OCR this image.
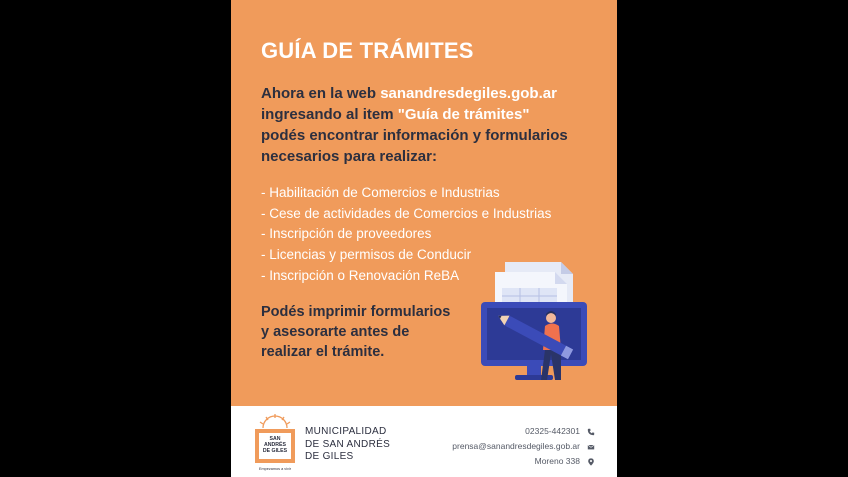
GUÍA DE TRÁMITES
Ahora en la web sanandresdegiles.gob.ar
ingresando al item "Guía de trámites"
podés encontrar información y formularios
necesarios para realizar:
- Habilitación de Comercios e Industrias
- Cese de actividades de Comercios e Industrias
- Inscripción de proveedores
- Licencias y permisos de Conducir
- Inscripción o Renovación ReBA
Podés imprimir formularios
y asesorarte antes de
realizar el trámite.
SAN
ANDRÉS
DE GILES
Empezamos a vivir
MUNICIPALIDAD
DE SAN ANDRÉS
DE GILES
02325-442301
prensa@sanandresdegiles.gob.ar
Moreno 338
